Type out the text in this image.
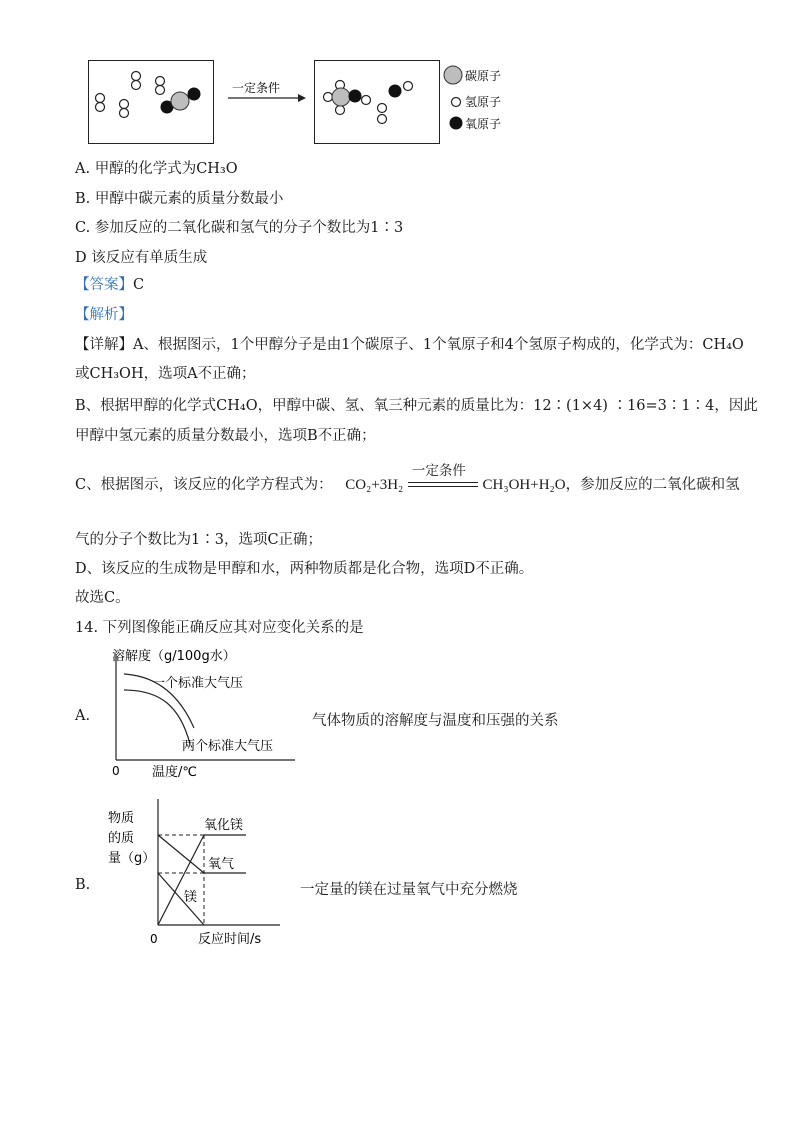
一定条件
碳原子
氢原子
氧原子
A. 甲醇的化学式为CH₃O
B. 甲醇中碳元素的质量分数最小
C. 参加反应的二氧化碳和氢气的分子个数比为1∶3
D 该反应有单质生成
【答案】C
【解析】
【详解】A、根据图示，1个甲醇分子是由1个碳原子、1个氧原子和4个氢原子构成的，化学式为：CH₄O
或CH₃OH，选项A不正确；
B、根据甲醇的化学式CH₄O，甲醇中碳、氢、氧三种元素的质量比为：12∶(1×4) ∶16=3∶1∶4，因此
甲醇中氢元素的质量分数最小，选项B不正确；
C、根据图示，该反应的化学方程式为： CO₂+3H₂
一定条件
CH₃OH+H₂O，参加反应的二氧化碳和氢
气的分子个数比为1∶3，选项C正确；
D、该反应的生成物是甲醇和水，两种物质都是化合物，选项D不正确。
故选C。
14. 下列图像能正确反应其对应变化关系的是
A.	气体物质的溶解度与温度和压强的关系
溶解度（g/100g水）
一个标准大气压
两个标准大气压
0 温度/℃
B.	一定量的镁在过量氧气中充分燃烧
物质
的质
量（g）
氧化镁
氧气
镁
0	反应时间/s
